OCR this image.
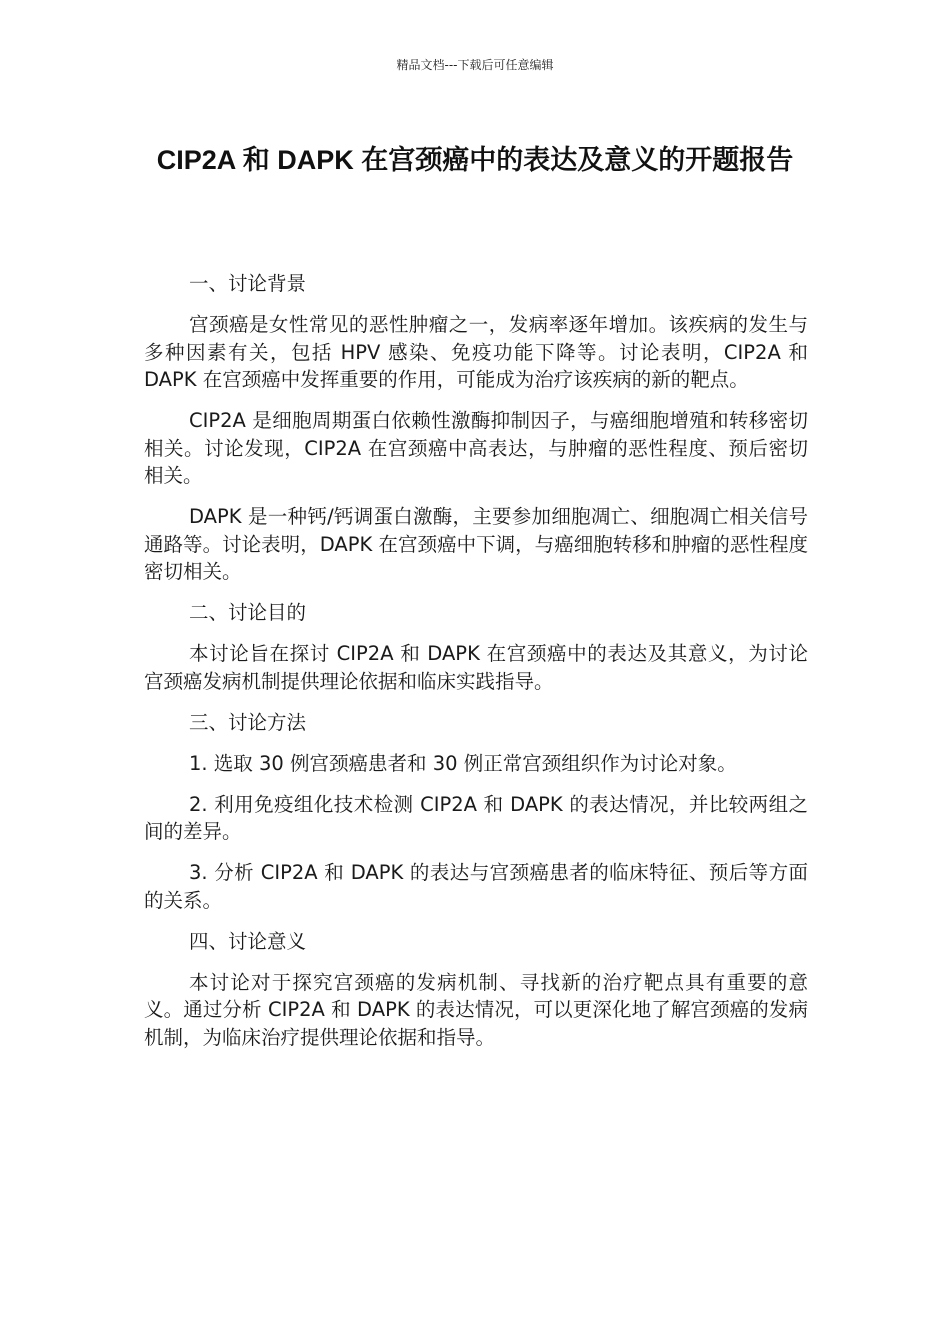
精品文档---下载后可任意编辑
CIP2A 和 DAPK 在宫颈癌中的表达及意义的开题报告
一、讨论背景

宫颈癌是女性常见的恶性肿瘤之一，发病率逐年增加。该疾病的发生与多种因素有关，包括 HPV 感染、免疫功能下降等。讨论表明，CIP2A 和 DAPK 在宫颈癌中发挥重要的作用，可能成为治疗该疾病的新的靶点。

CIP2A 是细胞周期蛋白依赖性激酶抑制因子，与癌细胞增殖和转移密切相关。讨论发现，CIP2A 在宫颈癌中高表达，与肿瘤的恶性程度、预后密切相关。

DAPK 是一种钙/钙调蛋白激酶，主要参加细胞凋亡、细胞凋亡相关信号通路等。讨论表明，DAPK 在宫颈癌中下调，与癌细胞转移和肿瘤的恶性程度密切相关。

二、讨论目的

本讨论旨在探讨 CIP2A 和 DAPK 在宫颈癌中的表达及其意义，为讨论宫颈癌发病机制提供理论依据和临床实践指导。

三、讨论方法

1. 选取 30 例宫颈癌患者和 30 例正常宫颈组织作为讨论对象。

2. 利用免疫组化技术检测 CIP2A 和 DAPK 的表达情况，并比较两组之间的差异。

3. 分析 CIP2A 和 DAPK 的表达与宫颈癌患者的临床特征、预后等方面的关系。

四、讨论意义

本讨论对于探究宫颈癌的发病机制、寻找新的治疗靶点具有重要的意义。通过分析 CIP2A 和 DAPK 的表达情况，可以更深化地了解宫颈癌的发病机制，为临床治疗提供理论依据和指导。
